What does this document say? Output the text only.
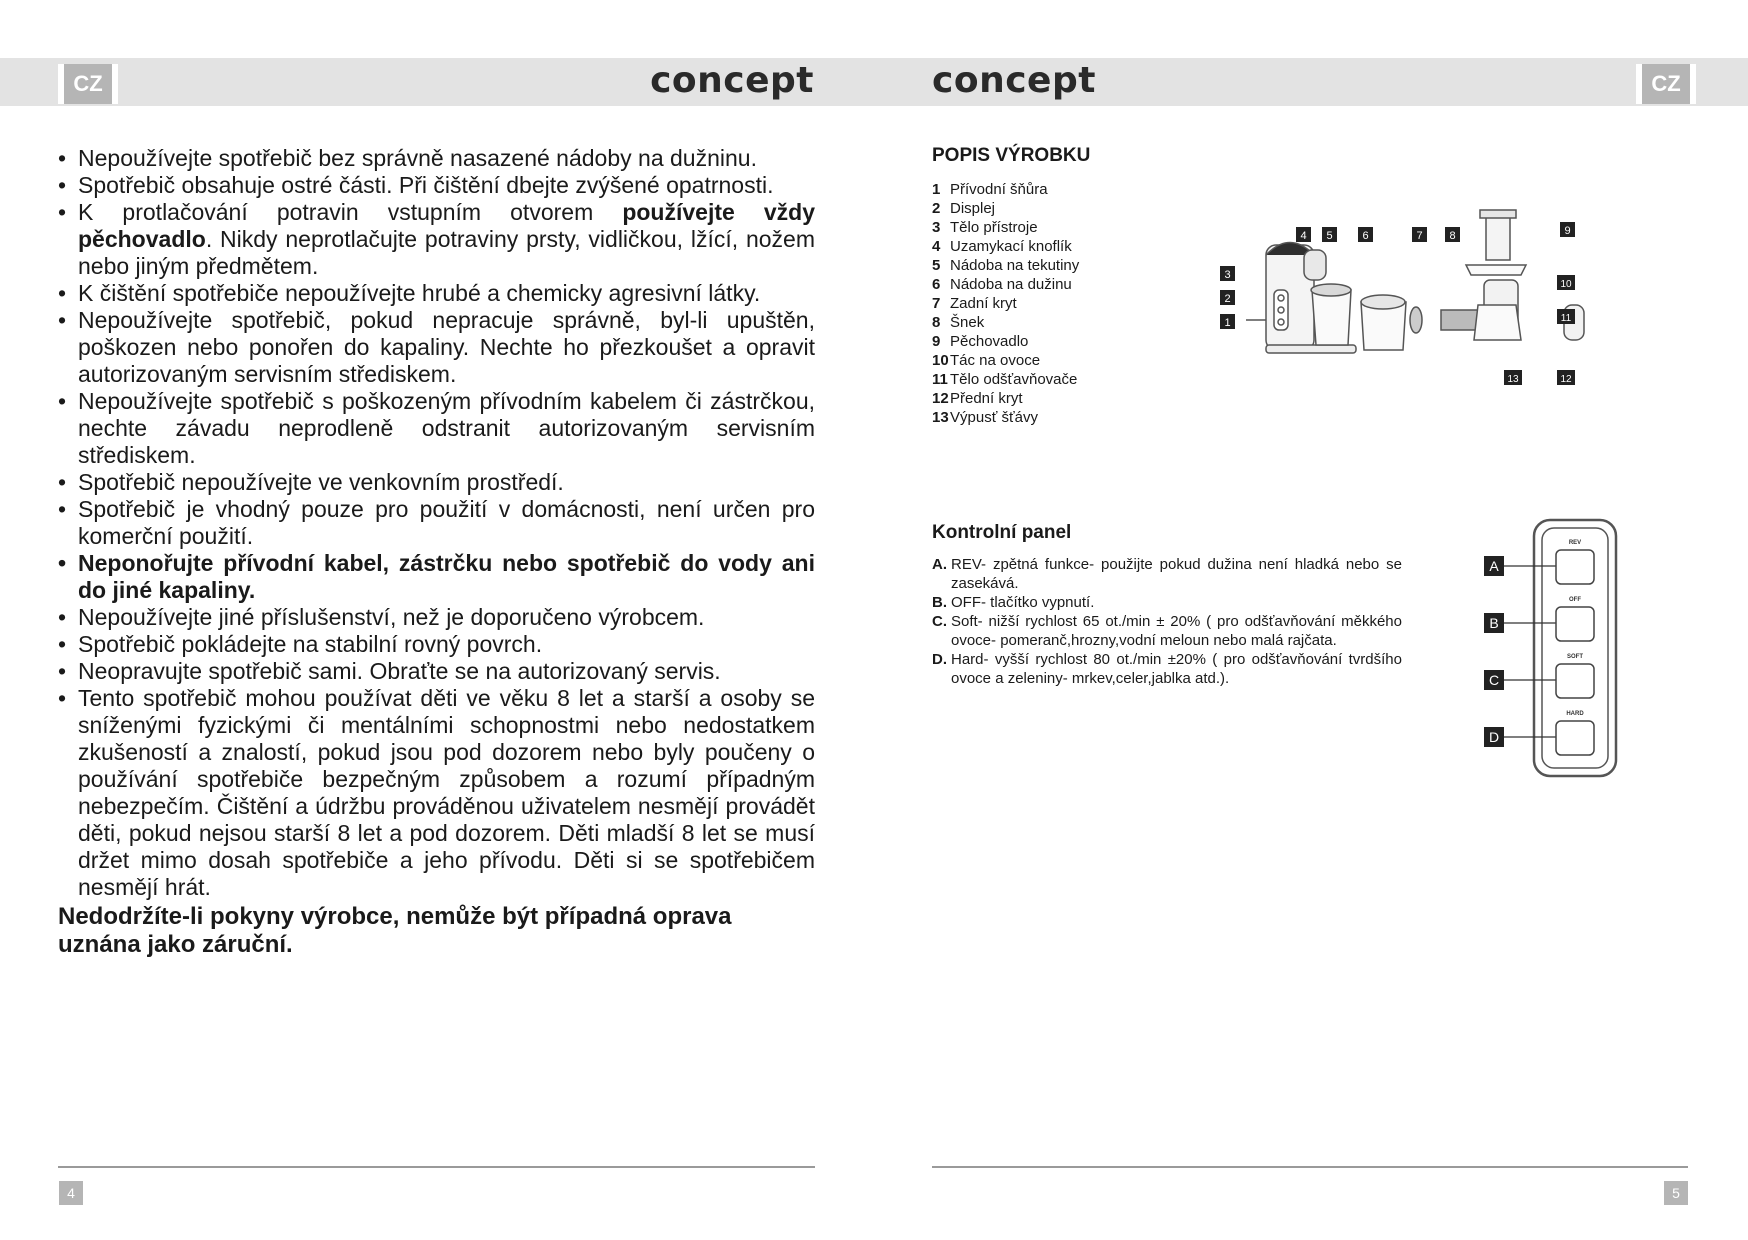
CZ	concept
• Nepoužívejte spotřebič bez správně nasazené nádoby na dužninu.
• Spotřebič obsahuje ostré části. Při čištění dbejte zvýšené opatrnosti.
• K protlačování potravin vstupním otvorem používejte vždy pěchovadlo. Nikdy neprotlačujte potraviny prsty, vidličkou, lžící, nožem nebo jiným předmětem.
• K čištění spotřebiče nepoužívejte hrubé a chemicky agresivní látky.
• Nepoužívejte spotřebič, pokud nepracuje správně, byl-li upuštěn, poškozen nebo ponořen do kapaliny. Nechte ho přezkoušet a opravit autorizovaným servisním střediskem.
• Nepoužívejte spotřebič s poškozeným přívodním kabelem či zástrčkou, nechte závadu neprodleně odstranit autorizovaným servisním střediskem.
• Spotřebič nepoužívejte ve venkovním prostředí.
• Spotřebič je vhodný pouze pro použití v domácnosti, není určen pro komerční použití.
• Neponořujte přívodní kabel, zástrčku nebo spotřebič do vody ani do jiné kapaliny.
• Nepoužívejte jiné příslušenství, než je doporučeno výrobcem.
• Spotřebič pokládejte na stabilní rovný povrch.
• Neopravujte spotřebič sami. Obraťte se na autorizovaný servis.
• Tento spotřebič mohou používat děti ve věku 8 let a starší a osoby se sníženými fyzickými či mentálními schopnostmi nebo nedostatkem zkušeností a znalostí, pokud jsou pod dozorem nebo byly poučeny o používání spotřebiče bezpečným způsobem a rozumí případným nebezpečím. Čištění a údržbu prováděnou uživatelem nesmějí provádět děti, pokud nejsou starší 8 let a pod dozorem. Děti mladší 8 let se musí držet mimo dosah spotřebiče a jeho přívodu. Děti si se spotřebičem nesmějí hrát.
Nedodržíte-li pokyny výrobce, nemůže být případná oprava uznána jako záruční.
4
concept	CZ
POPIS VÝROBKU
1 Přívodní šňůra
2 Displej
3 Tělo přístroje
4 Uzamykací knoflík
5 Nádoba na tekutiny
6 Nádoba na dužinu
7 Zadní kryt
8 Šnek
9 Pěchovadlo
10 Tác na ovoce
11 Tělo odšťavňovače
12 Přední kryt
13 Výpusť šťávy
1
2
3
4 5	6	7 8	9
10
11
12
13
Kontrolní panel
A. REV- zpětná funkce- použijte pokud dužina není hladká nebo se zasekává.
B. OFF- tlačítko vypnutí.
C. Soft- nižší rychlost 65 ot./min ± 20% ( pro odšťavňování měkkého ovoce- pomeranč,hrozny,vodní meloun nebo malá rajčata.
D. Hard- vyšší rychlost 80 ot./min ±20% ( pro odšťavňování tvrdšího ovoce a zeleniny- mrkev,celer,jablka atd.).
REV
OFF
SOFT
HARD
A
B
C
D
5
